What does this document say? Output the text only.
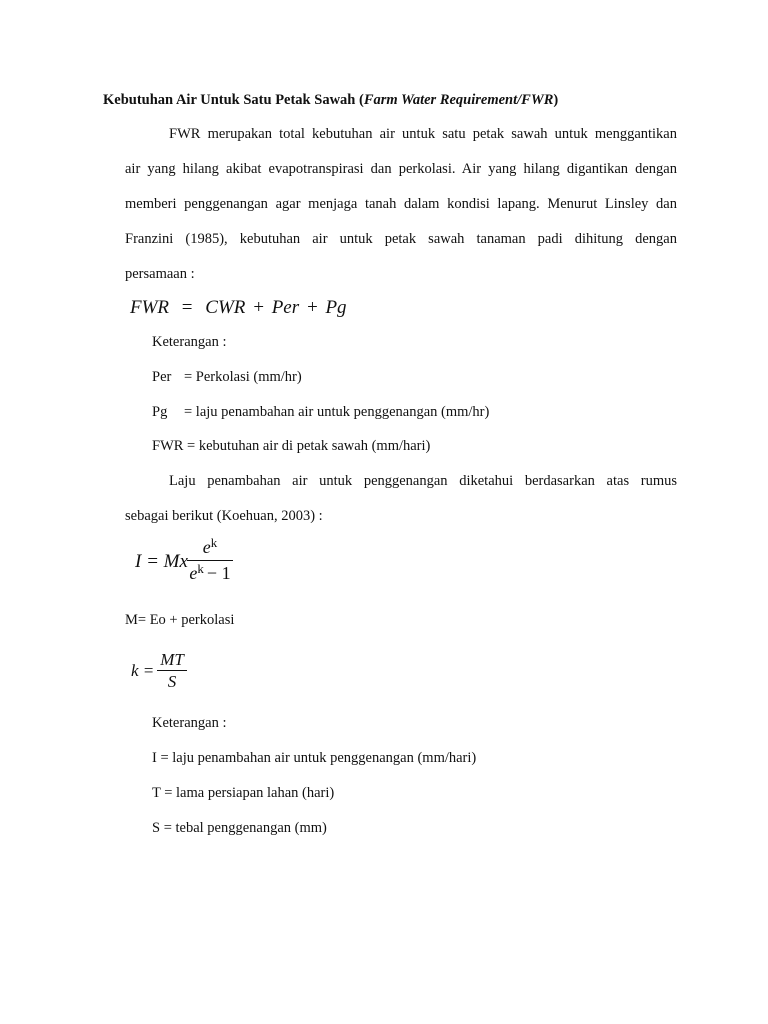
Kebutuhan Air Untuk Satu Petak Sawah (Farm Water Requirement/FWR)
FWR merupakan total kebutuhan air untuk satu petak sawah untuk menggantikan
air yang hilang akibat evapotranspirasi dan perkolasi. Air yang hilang digantikan dengan
memberi penggenangan agar menjaga tanah dalam kondisi lapang. Menurut Linsley dan
Franzini (1985), kebutuhan air untuk petak sawah tanaman padi dihitung dengan
persamaan :
FWR = CWR + Per + Pg
Keterangan :
Per = Perkolasi (mm/hr)
Pg = laju penambahan air untuk penggenangan (mm/hr)
FWR = kebutuhan air di petak sawah (mm/hari)
Laju penambahan air untuk penggenangan diketahui berdasarkan atas rumus
sebagai berikut (Koehuan, 2003) :
I = Mx
$e^k$
$e^k - 1$
M= Eo + perkolasi
k =
MT
S
Keterangan :
I = laju penambahan air untuk penggenangan (mm/hari)
T = lama persiapan lahan (hari)
S = tebal penggenangan (mm)
